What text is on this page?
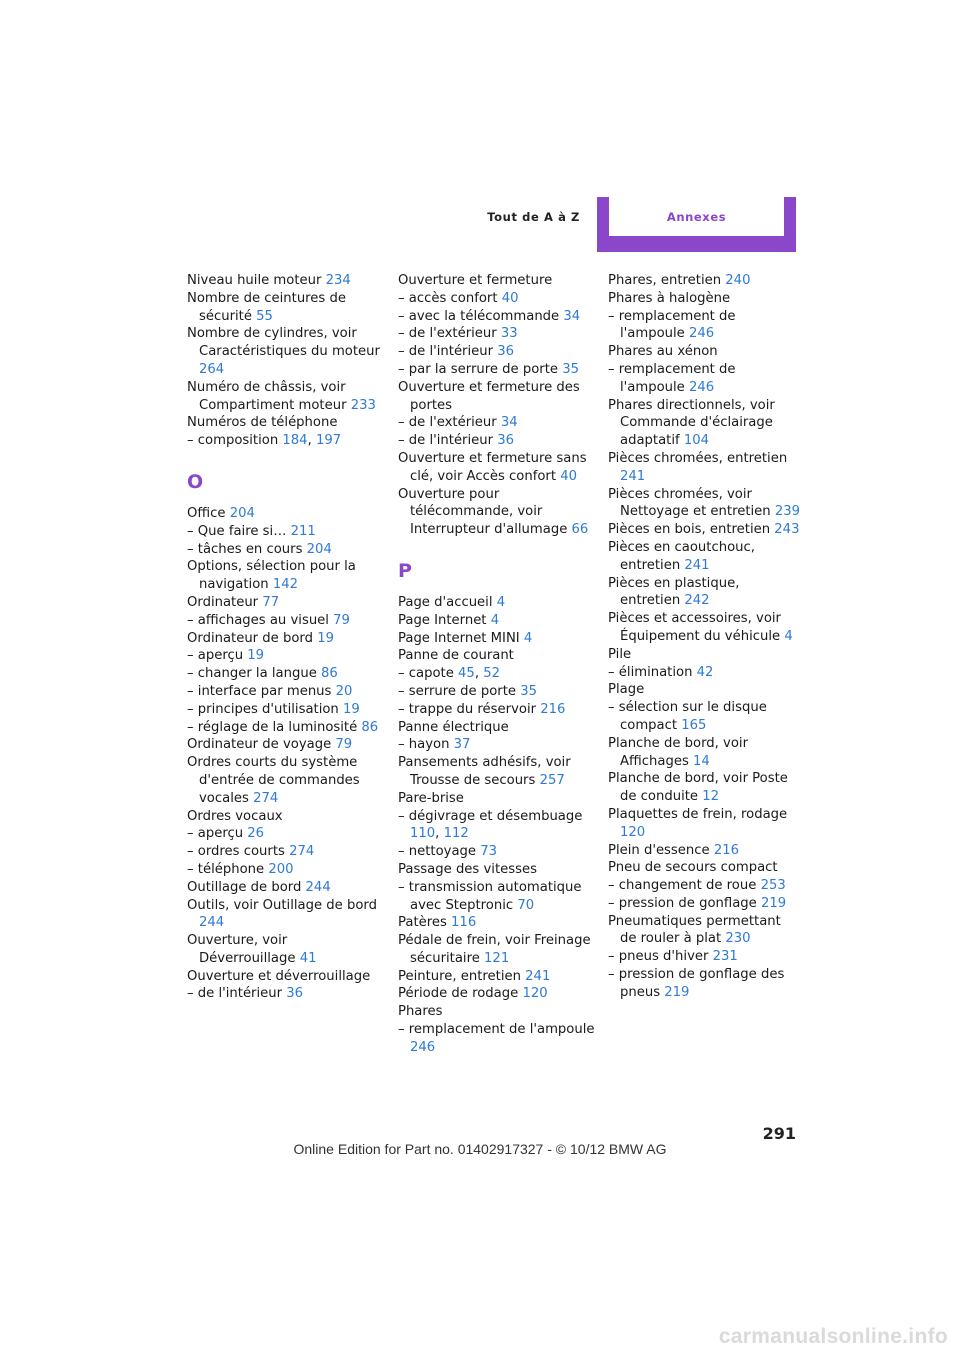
Tout de A à Z	Annexes
Niveau huile moteur 234
Nombre de ceintures de sécurité 55
Nombre de cylindres, voir Caractéristiques du moteur 264
Numéro de châssis, voir Compartiment moteur 233
Numéros de téléphone
– composition 184, 197
O
Office 204
– Que faire si… 211
– tâches en cours 204
Options, sélection pour la navigation 142
Ordinateur 77
– affichages au visuel 79
Ordinateur de bord 19
– aperçu 19
– changer la langue 86
– interface par menus 20
– principes d'utilisation 19
– réglage de la luminosité 86
Ordinateur de voyage 79
Ordres courts du système d'entrée de commandes vocales 274
Ordres vocaux
– aperçu 26
– ordres courts 274
– téléphone 200
Outillage de bord 244
Outils, voir Outillage de bord 244
Ouverture, voir Déverrouillage 41
Ouverture et déverrouillage
– de l'intérieur 36
Ouverture et fermeture
– accès confort 40
– avec la télécommande 34
– de l'extérieur 33
– de l'intérieur 36
– par la serrure de porte 35
Ouverture et fermeture des portes
– de l'extérieur 34
– de l'intérieur 36
Ouverture et fermeture sans clé, voir Accès confort 40
Ouverture pour télécommande, voir Interrupteur d'allumage 66
P
Page d'accueil 4
Page Internet 4
Page Internet MINI 4
Panne de courant
– capote 45, 52
– serrure de porte 35
– trappe du réservoir 216
Panne électrique
– hayon 37
Pansements adhésifs, voir Trousse de secours 257
Pare-brise
– dégivrage et désembuage 110, 112
– nettoyage 73
Passage des vitesses
– transmission automatique avec Steptronic 70
Patères 116
Pédale de frein, voir Freinage sécuritaire 121
Peinture, entretien 241
Période de rodage 120
Phares
– remplacement de l'ampoule 246
Phares, entretien 240
Phares à halogène
– remplacement de l'ampoule 246
Phares au xénon
– remplacement de l'ampoule 246
Phares directionnels, voir Commande d'éclairage adaptatif 104
Pièces chromées, entretien 241
Pièces chromées, voir Nettoyage et entretien 239
Pièces en bois, entretien 243
Pièces en caoutchouc, entretien 241
Pièces en plastique, entretien 242
Pièces et accessoires, voir Équipement du véhicule 4
Pile
– élimination 42
Plage
– sélection sur le disque compact 165
Planche de bord, voir Affichages 14
Planche de bord, voir Poste de conduite 12
Plaquettes de frein, rodage 120
Plein d'essence 216
Pneu de secours compact
– changement de roue 253
– pression de gonflage 219
Pneumatiques permettant de rouler à plat 230
– pneus d'hiver 231
– pression de gonflage des pneus 219
291
Online Edition for Part no. 01402917327 - © 10/12 BMW AG
carmanualsonline.info
